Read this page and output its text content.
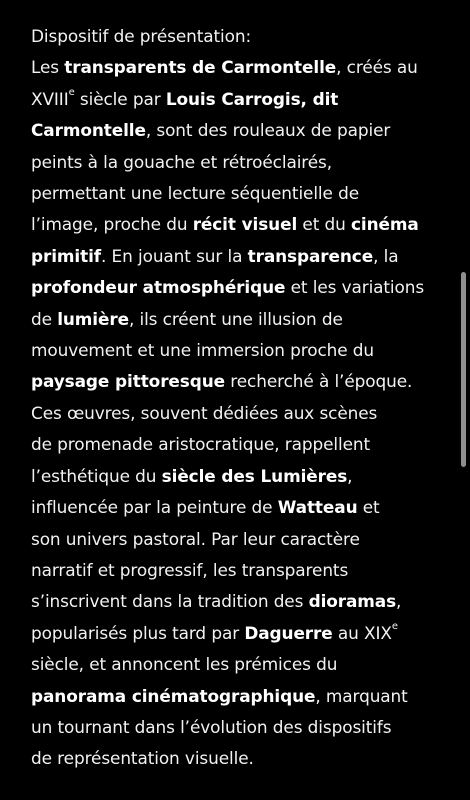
Dispositif de présentation:
Les transparents de Carmontelle, créés au
XVIIIe siècle par Louis Carrogis, dit
Carmontelle, sont des rouleaux de papier
peints à la gouache et rétroéclairés,
permettant une lecture séquentielle de
l’image, proche du récit visuel et du cinéma
primitif. En jouant sur la transparence, la
profondeur atmosphérique et les variations
de lumière, ils créent une illusion de
mouvement et une immersion proche du
paysage pittoresque recherché à l’époque.
Ces œuvres, souvent dédiées aux scènes
de promenade aristocratique, rappellent
l’esthétique du siècle des Lumières,
influencée par la peinture de Watteau et
son univers pastoral. Par leur caractère
narratif et progressif, les transparents
s’inscrivent dans la tradition des dioramas,
popularisés plus tard par Daguerre au XIXe
siècle, et annoncent les prémices du
panorama cinématographique, marquant
un tournant dans l’évolution des dispositifs
de représentation visuelle.
